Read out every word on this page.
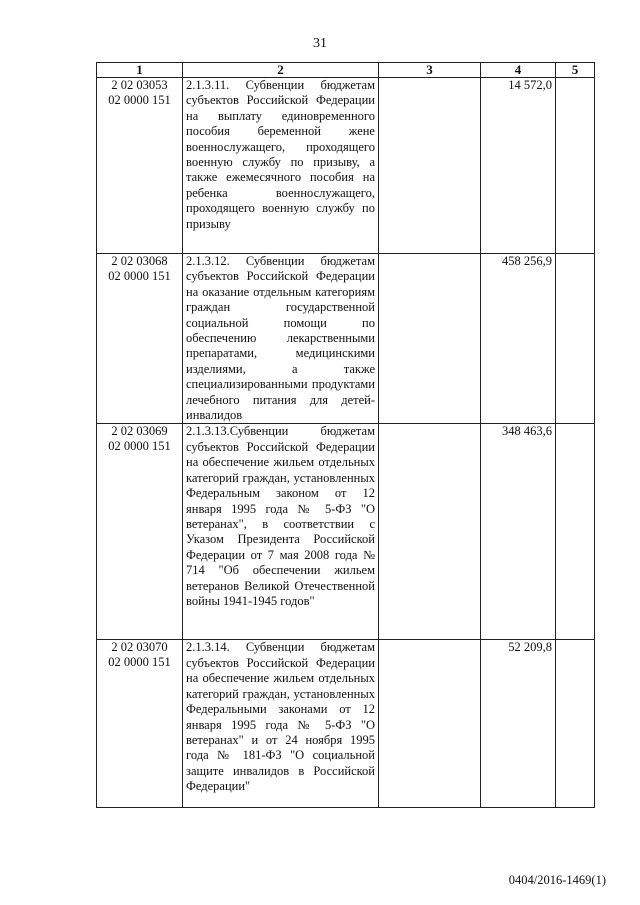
31
1	2	3	4	5

2 02 03053
02 0000 151	2.1.3.11. Субвенции бюджетам субъектов Российской Федерации на выплату единовременного пособия беременной жене военнослужащего, проходящего военную службу по призыву, а также ежемесячного пособия на ребенка военнослужащего, проходящего военную службу по призыву		14 572,0	

2 02 03068
02 0000 151	2.1.3.12. Субвенции бюджетам субъектов Российской Федерации на оказание отдельным категориям граждан государственной социальной помощи по обеспечению лекарственными препаратами, медицинскими изделиями, а также специализированными продуктами лечебного питания для детей-инвалидов		458 256,9	

2 02 03069
02 0000 151	2.1.3.13.Субвенции бюджетам субъектов Российской Федерации на обеспечение жильем отдельных категорий граждан, установленных Федеральным законом от 12 января 1995 года № 5-ФЗ "О ветеранах", в соответствии с Указом Президента Российской Федерации от 7 мая 2008 года № 714 "Об обеспечении жильем ветеранов Великой Отечественной войны 1941-1945 годов"		348 463,6	

2 02 03070
02 0000 151	2.1.3.14. Субвенции бюджетам субъектов Российской Федерации на обеспечение жильем отдельных категорий граждан, установленных Федеральными законами от 12 января 1995 года № 5-ФЗ "О ветеранах" и от 24 ноября 1995 года № 181-ФЗ "О социальной защите инвалидов в Российской Федерации"		52 209,8	
0404/2016-1469(1)
